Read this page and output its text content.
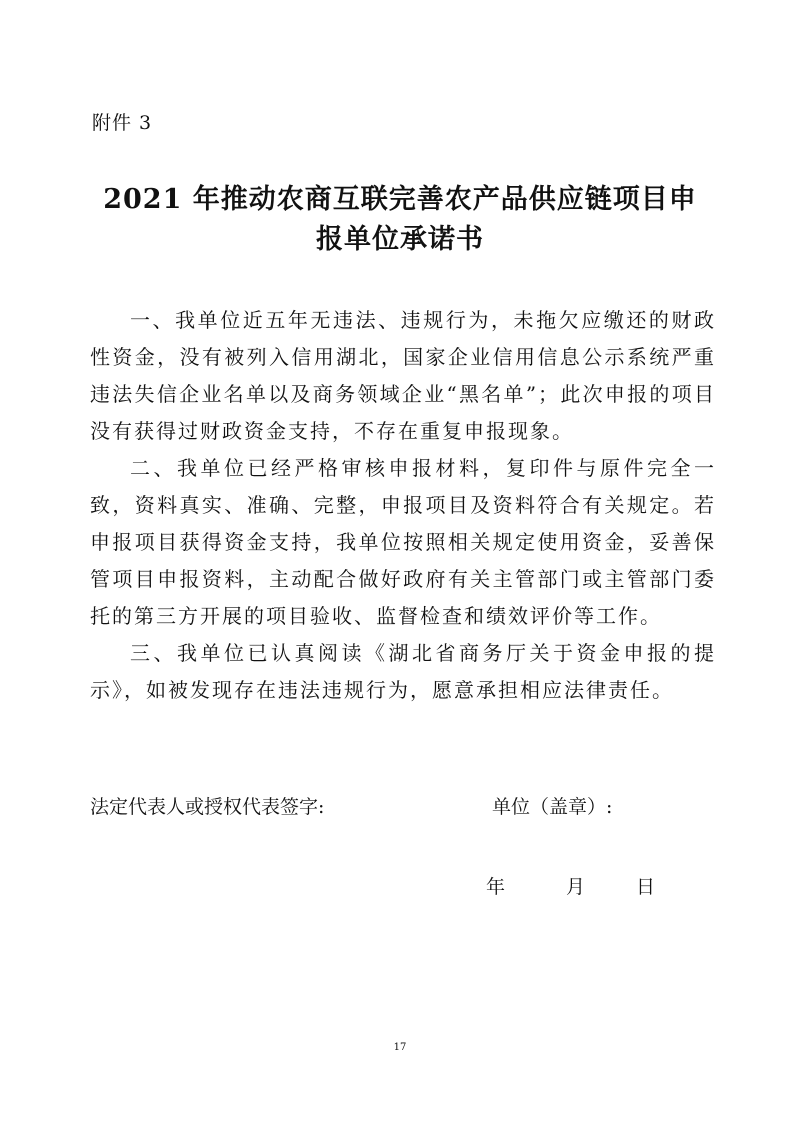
附件 3
2021 年推动农商互联完善农产品供应链项目申
报单位承诺书

一、我单位近五年无违法、违规行为，未拖欠应缴还的财政性资金，没有被列入信用湖北，国家企业信用信息公示系统严重违法失信企业名单以及商务领域企业“黑名单”；此次申报的项目没有获得过财政资金支持，不存在重复申报现象。

二、我单位已经严格审核申报材料，复印件与原件完全一致，资料真实、准确、完整，申报项目及资料符合有关规定。若申报项目获得资金支持，我单位按照相关规定使用资金，妥善保管项目申报资料，主动配合做好政府有关主管部门或主管部门委托的第三方开展的项目验收、监督检查和绩效评价等工作。

三、我单位已认真阅读《湖北省商务厅关于资金申报的提示》，如被发现存在违法违规行为，愿意承担相应法律责任。

法定代表人或授权代表签字:	单位（盖章）:
年	月	日
17
